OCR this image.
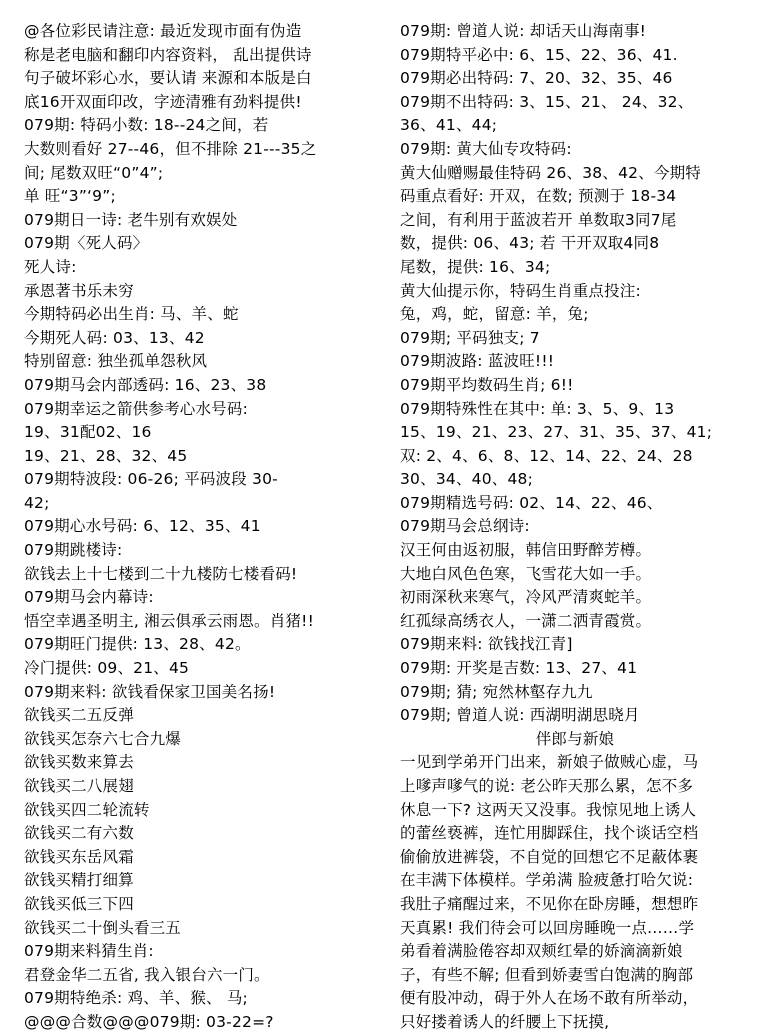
@各位彩民请注意: 最近发现市面有伪造
称是老电脑和翻印内容资料， 乱出提供诗
句子破坏彩心水，要认请 来源和本版是白
底16开双面印改，字迹清雅有劲料提供!
079期: 特码小数: 18--24之间，若
大数则看好 27--46，但不排除 21---35之
间; 尾数双旺“0”4”;
单 旺“3”‘9”;
079期日一诗: 老牛别有欢娱处
079期〈死人码〉
死人诗:
承恩著书乐未穷
今期特码必出生肖: 马、羊、蛇
今期死人码: 03、13、42
特别留意: 独坐孤单怨秋风
079期马会内部透码: 16、23、38
079期幸运之箭供参考心水号码:
19、31配02、16
19、21、28、32、45
079期特波段: 06-26; 平码波段 30-
42;
079期心水号码: 6、12、35、41
079期跳楼诗:
欲钱去上十七楼到二十九楼防七楼看码!
079期马会内幕诗:
悟空幸遇圣明主, 湘云俱承云雨恩。肖猪!!
079期旺门提供: 13、28、42。
冷门提供: 09、21、45
079期来料: 欲钱看保家卫国美名扬!
欲钱买二五反弹
欲钱买怎奈六七合九爆
欲钱买数来算去
欲钱买二八展翅
欲钱买四二轮流转
欲钱买二有六数
欲钱买东岳风霜
欲钱买精打细算
欲钱买低三下四
欲钱买二十倒头看三五
079期来料猜生肖:
君登金华二五省, 我入银台六一门。
079期特绝杀: 鸡、羊、猴、 马;
@@@合数@@@079期: 03-22=?
079期: 曾道人说: 却话天山海南事!
079期特平必中: 6、15、22、36、41.
079期必出特码: 7、20、32、35、46
079期不出特码: 3、15、21、 24、32、
36、41、44;
079期: 黄大仙专攻特码:
黄大仙赠赐最佳特码 26、38、42、今期特
码重点看好: 开双，在数; 预测于 18-34
之间，有利用于蓝波若开 单数取3同7尾
数，提供: 06、43; 若 干开双取4同8
尾数，提供: 16、34;
黄大仙提示你，特码生肖重点投注:
兔，鸡，蛇，留意: 羊，兔;
079期; 平码独支; 7
079期波路: 蓝波旺!!!
079期平均数码生肖; 6!!
079期特殊性在其中: 单: 3、5、9、13
15、19、21、23、27、31、35、37、41;
双: 2、4、6、8、12、14、22、24、28
30、34、40、48;
079期精选号码: 02、14、22、46、
079期马会总纲诗:
汉王何由返初服，韩信田野醉芳樽。
大地白风色色寒，飞雪花大如一手。
初雨深秋来寒气，冷风严清爽蛇羊。
红孤绿高绣衣人，一潇二洒青霞赏。
079期来料: 欲钱找江青]
079期: 开奖是吉数: 13、27、41
079期; 猜; 宛然林壑存九九
079期; 曾道人说: 西湖明湖思晓月
伴郎与新娘
一见到学弟开门出来，新娘子做贼心虚，马
上嗲声嗲气的说: 老公昨天那么累，怎不多
休息一下? 这两天又没事。我惊见地上诱人
的蕾丝亵裤，连忙用脚踩住，找个谈话空档
偷偷放进裤袋，不自觉的回想它不足蔽体裹
在丰满下体模样。学弟满 脸疲惫打哈欠说:
我肚子痛醒过来，不见你在卧房睡，想想昨
天真累! 我们待会可以回房睡晚一点……学
弟看着满脸倦容却双颊红晕的娇滴滴新娘
子，有些不解; 但看到娇妻雪白饱满的胸部
便有股冲动，碍于外人在场不敢有所举动，
只好搂着诱人的纤腰上下抚摸,
